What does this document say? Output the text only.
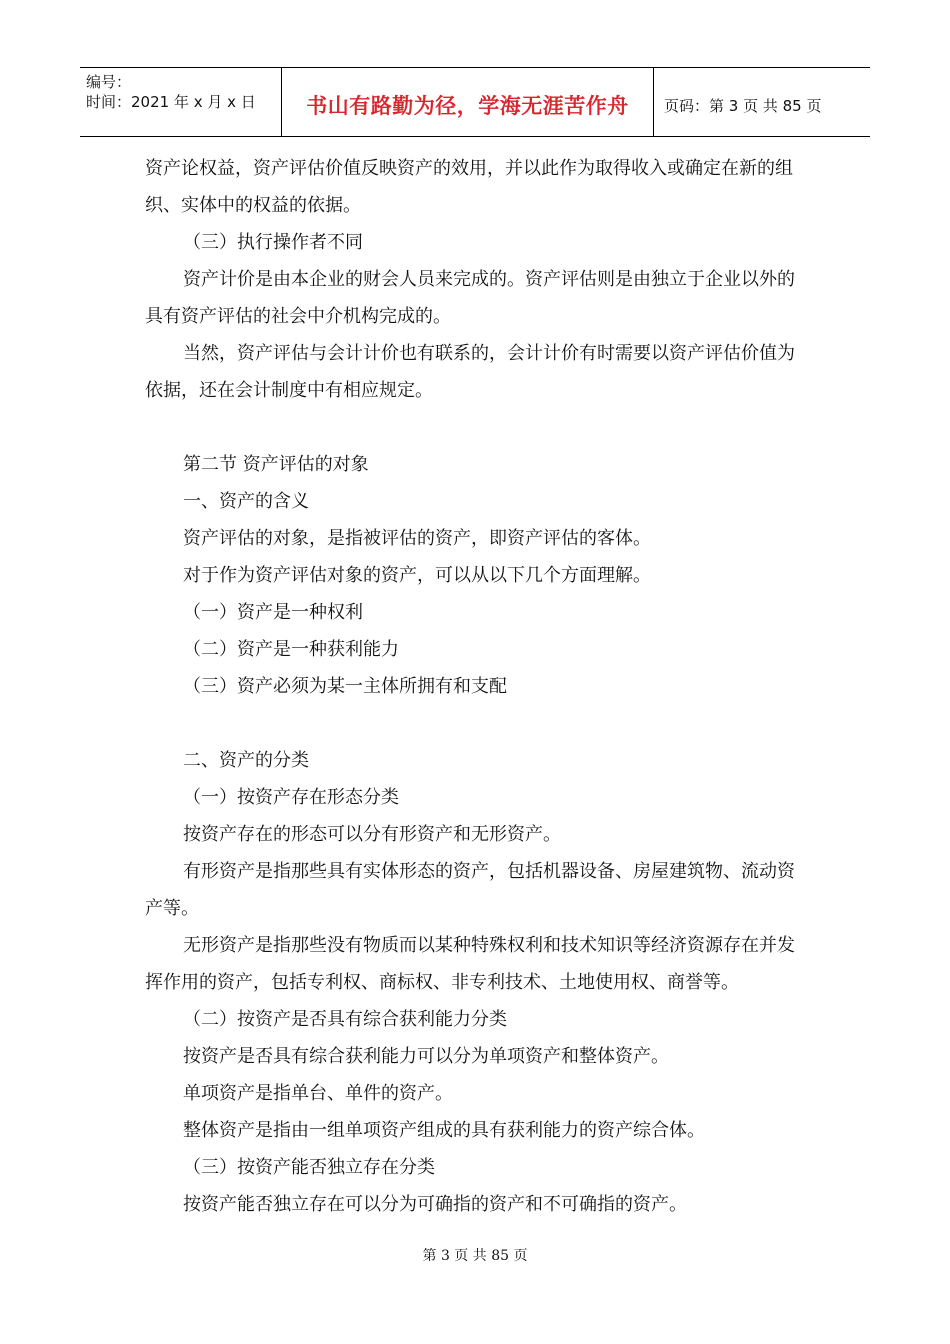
编号：
时间：2021 年 x 月 x 日	书山有路勤为径，学海无涯苦作舟 页码：第 3 页 共 85 页

资产论权益，资产评估价值反映资产的效用，并以此作为取得收入或确定在新的组织、实体中的权益的依据。

（三）执行操作者不同

资产计价是由本企业的财会人员来完成的。资产评估则是由独立于企业以外的具有资产评估的社会中介机构完成的。

当然，资产评估与会计计价也有联系的，会计计价有时需要以资产评估价值为依据，还在会计制度中有相应规定。

第二节 资产评估的对象

一、资产的含义

资产评估的对象，是指被评估的资产，即资产评估的客体。

对于作为资产评估对象的资产，可以从以下几个方面理解。

（一）资产是一种权利

（二）资产是一种获利能力

（三）资产必须为某一主体所拥有和支配

二、资产的分类

（一）按资产存在形态分类

按资产存在的形态可以分有形资产和无形资产。

有形资产是指那些具有实体形态的资产，包括机器设备、房屋建筑物、流动资产等。

无形资产是指那些没有物质而以某种特殊权利和技术知识等经济资源存在并发挥作用的资产，包括专利权、商标权、非专利技术、土地使用权、商誉等。

（二）按资产是否具有综合获利能力分类

按资产是否具有综合获利能力可以分为单项资产和整体资产。

单项资产是指单台、单件的资产。

整体资产是指由一组单项资产组成的具有获利能力的资产综合体。

（三）按资产能否独立存在分类

按资产能否独立存在可以分为可确指的资产和不可确指的资产。

第 3 页 共 85 页
